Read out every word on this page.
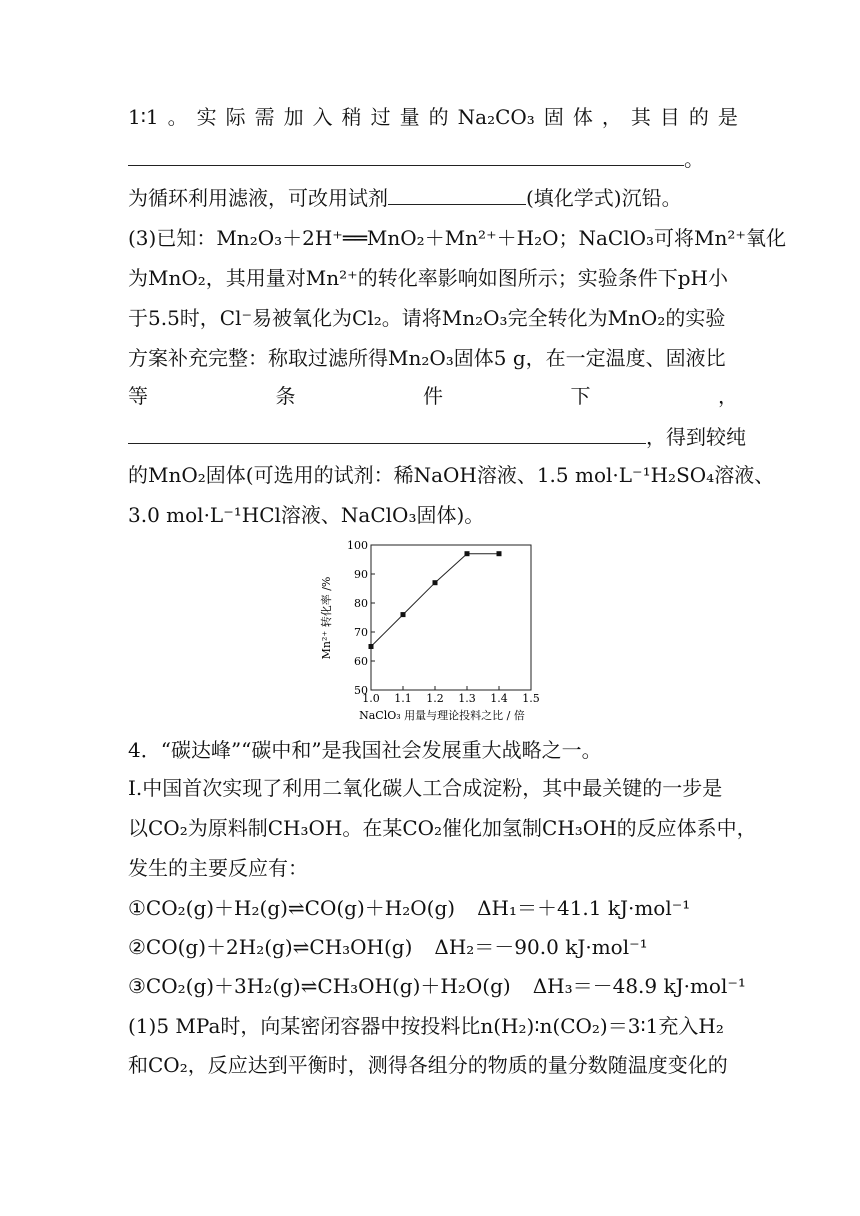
1∶1 。 实 际 需 加 入 稍 过 量 的 Na₂CO₃ 固 体 ， 其 目 的 是
。
为循环利用滤液，可改用试剂	(填化学式)沉铅。
(3)已知：Mn₂O₃＋2H⁺══MnO₂＋Mn²⁺＋H₂O；NaClO₃可将Mn²⁺氧化
为MnO₂，其用量对Mn²⁺的转化率影响如图所示；实验条件下pH小
于5.5时，Cl⁻易被氧化为Cl₂。请将Mn₂O₃完全转化为MnO₂的实验
方案补充完整：称取过滤所得Mn₂O₃固体5 g，在一定温度、固液比
等	条	件	下	，
，得到较纯
的MnO₂固体(可选用的试剂：稀NaOH溶液、1.5 mol·L⁻¹H₂SO₄溶液、
3.0 mol·L⁻¹HCl溶液、NaClO₃固体)。
50
60
70
80
90
100
1.0 1.1 1.2 1.3 1.4 1.5
Mn²⁺ 转化率 /%
NaClO₃ 用量与理论投料之比 / 倍
4．“碳达峰”“碳中和”是我国社会发展重大战略之一。
Ⅰ.中国首次实现了利用二氧化碳人工合成淀粉，其中最关键的一步是
以CO₂为原料制CH₃OH。在某CO₂催化加氢制CH₃OH的反应体系中，
发生的主要反应有：
①CO₂(g)＋H₂(g)⇌CO(g)＋H₂O(g) ΔH₁＝＋41.1 kJ·mol⁻¹
②CO(g)＋2H₂(g)⇌CH₃OH(g) ΔH₂＝－90.0 kJ·mol⁻¹
③CO₂(g)＋3H₂(g)⇌CH₃OH(g)＋H₂O(g) ΔH₃＝－48.9 kJ·mol⁻¹
(1)5 MPa时，向某密闭容器中按投料比n(H₂)∶n(CO₂)＝3∶1充入H₂
和CO₂，反应达到平衡时，测得各组分的物质的量分数随温度变化的
